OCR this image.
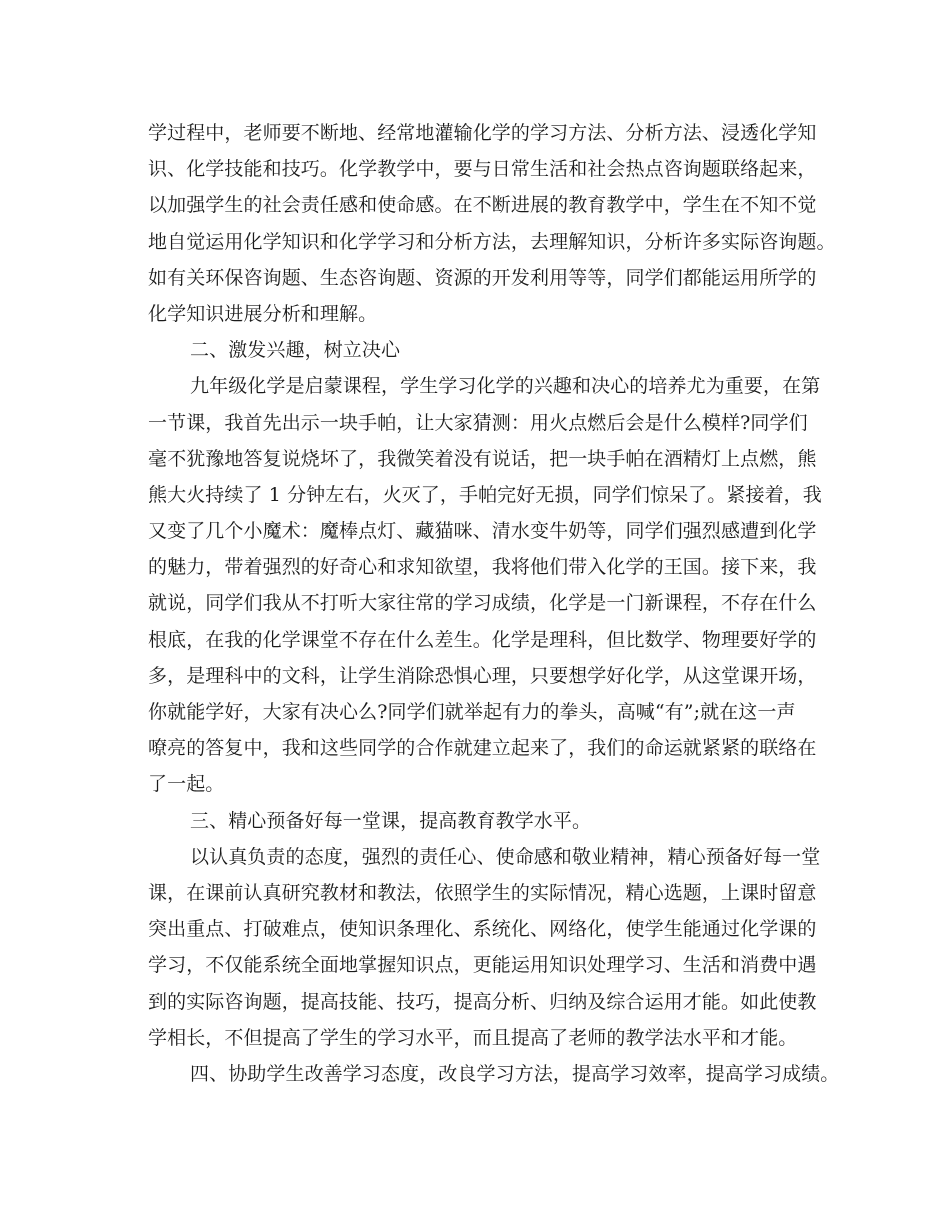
学过程中，老师要不断地、经常地灌输化学的学习方法、分析方法、浸透化学知
识、化学技能和技巧。化学教学中，要与日常生活和社会热点咨询题联络起来，
以加强学生的社会责任感和使命感。在不断进展的教育教学中，学生在不知不觉
地自觉运用化学知识和化学学习和分析方法，去理解知识，分析许多实际咨询题。
如有关环保咨询题、生态咨询题、资源的开发利用等等，同学们都能运用所学的
化学知识进展分析和理解。
二、激发兴趣，树立决心
九年级化学是启蒙课程，学生学习化学的兴趣和决心的培养尤为重要，在第
一节课，我首先出示一块手帕，让大家猜测：用火点燃后会是什么模样?同学们
毫不犹豫地答复说烧坏了，我微笑着没有说话，把一块手帕在酒精灯上点燃，熊
熊大火持续了 1 分钟左右，火灭了，手帕完好无损，同学们惊呆了。紧接着，我
又变了几个小魔术：魔棒点灯、藏猫咪、清水变牛奶等，同学们强烈感遭到化学
的魅力，带着强烈的好奇心和求知欲望，我将他们带入化学的王国。接下来，我
就说，同学们我从不打听大家往常的学习成绩，化学是一门新课程，不存在什么
根底，在我的化学课堂不存在什么差生。化学是理科，但比数学、物理要好学的
多，是理科中的文科，让学生消除恐惧心理，只要想学好化学，从这堂课开场，
你就能学好，大家有决心么?同学们就举起有力的拳头，高喊“有”;就在这一声
嘹亮的答复中，我和这些同学的合作就建立起来了，我们的命运就紧紧的联络在
了一起。
三、精心预备好每一堂课，提高教育教学水平。
以认真负责的态度，强烈的责任心、使命感和敬业精神，精心预备好每一堂
课，在课前认真研究教材和教法，依照学生的实际情况，精心选题，上课时留意
突出重点、打破难点，使知识条理化、系统化、网络化，使学生能通过化学课的
学习，不仅能系统全面地掌握知识点，更能运用知识处理学习、生活和消费中遇
到的实际咨询题，提高技能、技巧，提高分析、归纳及综合运用才能。如此使教
学相长，不但提高了学生的学习水平，而且提高了老师的教学法水平和才能。
四、协助学生改善学习态度，改良学习方法，提高学习效率，提高学习成绩。
